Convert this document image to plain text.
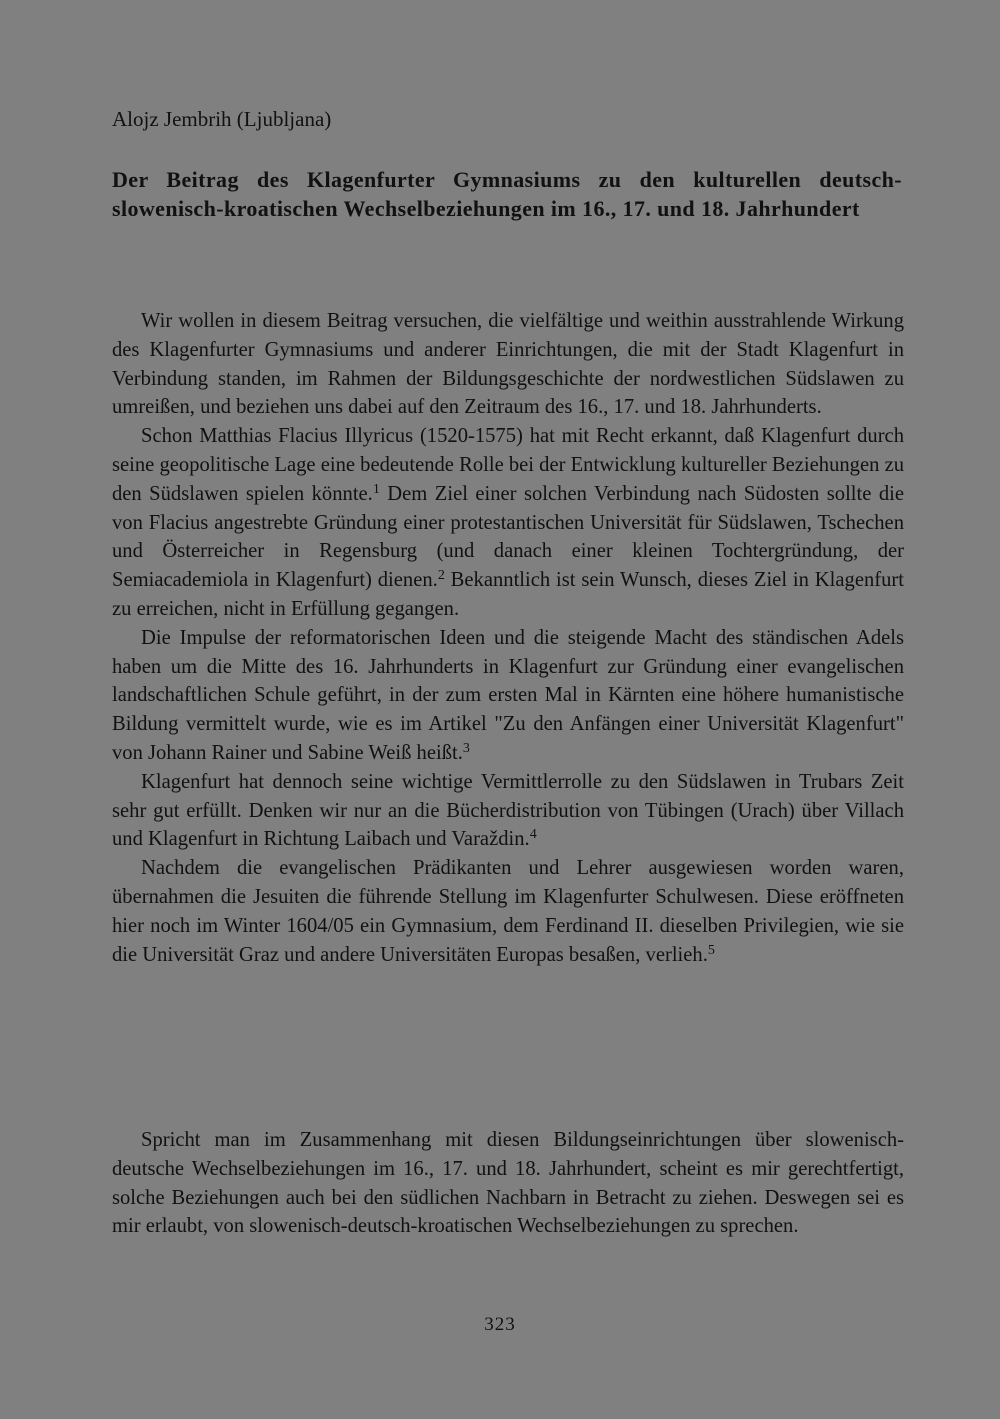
Alojz Jembrih (Ljubljana)
Der Beitrag des Klagenfurter Gymnasiums zu den kulturellen deutsch-slowenisch-kroatischen Wechselbeziehungen im 16., 17. und 18. Jahrhundert

Wir wollen in diesem Beitrag versuchen, die vielfältige und weithin ausstrahlende Wirkung des Klagenfurter Gymnasiums und anderer Einrichtungen, die mit der Stadt Klagenfurt in Verbindung standen, im Rahmen der Bildungsgeschichte der nordwestlichen Südslawen zu umreißen, und beziehen uns dabei auf den Zeitraum des 16., 17. und 18. Jahrhunderts.

Schon Matthias Flacius Illyricus (1520-1575) hat mit Recht erkannt, daß Klagenfurt durch seine geopolitische Lage eine bedeutende Rolle bei der Entwicklung kultureller Beziehungen zu den Südslawen spielen könnte.$^1$ Dem Ziel einer solchen Verbindung nach Südosten sollte die von Flacius angestrebte Gründung einer protestantischen Universität für Südslawen, Tschechen und Österreicher in Regensburg (und danach einer kleinen Tochtergründung, der Semiacademiola in Klagenfurt) dienen.$^2$ Bekanntlich ist sein Wunsch, dieses Ziel in Klagenfurt zu erreichen, nicht in Erfüllung gegangen.

Die Impulse der reformatorischen Ideen und die steigende Macht des ständischen Adels haben um die Mitte des 16. Jahrhunderts in Klagenfurt zur Gründung einer evangelischen landschaftlichen Schule geführt, in der zum ersten Mal in Kärnten eine höhere humanistische Bildung vermittelt wurde, wie es im Artikel "Zu den Anfängen einer Universität Klagenfurt" von Johann Rainer und Sabine Weiß heißt.$^3$

Klagenfurt hat dennoch seine wichtige Vermittlerrolle zu den Südslawen in Trubars Zeit sehr gut erfüllt. Denken wir nur an die Bücherdistribution von Tübingen (Urach) über Villach und Klagenfurt in Richtung Laibach und Varaždin.$^4$

Nachdem die evangelischen Prädikanten und Lehrer ausgewiesen worden waren, übernahmen die Jesuiten die führende Stellung im Klagenfurter Schulwesen. Diese eröffneten hier noch im Winter 1604/05 ein Gymnasium, dem Ferdinand II. dieselben Privilegien, wie sie die Universität Graz und andere Universitäten Europas besaßen, verlieh.$^5$

Spricht man im Zusammenhang mit diesen Bildungseinrichtungen über slowenisch-deutsche Wechselbeziehungen im 16., 17. und 18. Jahrhundert, scheint es mir gerechtfertigt, solche Beziehungen auch bei den südlichen Nachbarn in Betracht zu ziehen. Deswegen sei es mir erlaubt, von slowenisch-deutsch-kroatischen Wechselbeziehungen zu sprechen.

323
